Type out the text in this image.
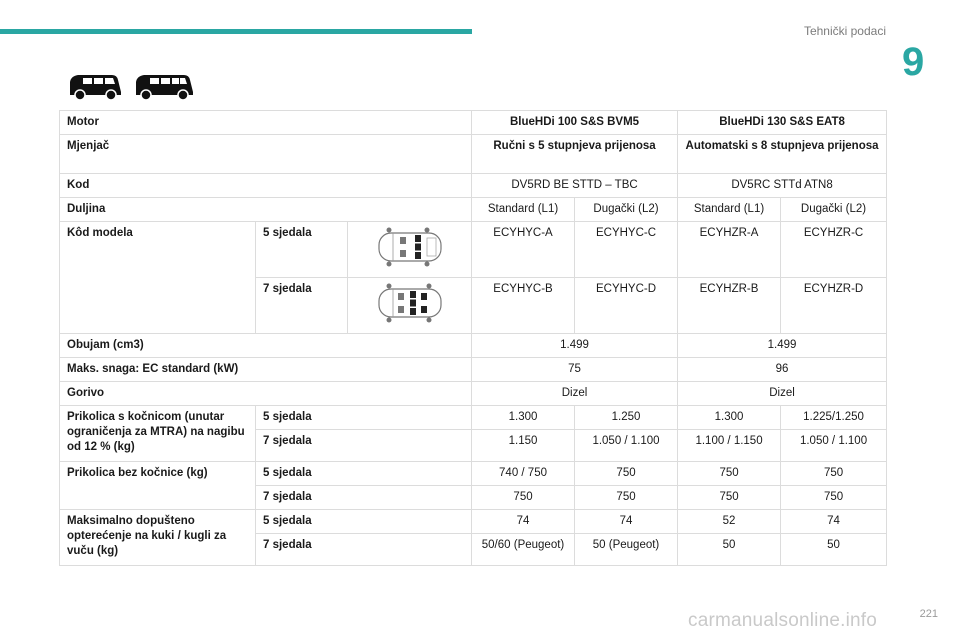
Tehnički podaci
9
Motor			BlueHDi 100 S&S BVM5		BlueHDi 130 S&S EAT8	
Mjenjač			Ručni s 5 stupnjeva prijenosa		Automatski s 8 stupnjeva prijenosa	
Kod			DV5RD BE STTD – TBC		DV5RC STTd ATN8	
Duljina			Standard (L1)	Dugački (L2)	Standard (L1)	Dugački (L2)
Kôd modela	5 sjedala		ECYHYC-A	ECYHYC-C	ECYHZR-A	ECYHZR-C
	7 sjedala		ECYHYC-B	ECYHYC-D	ECYHZR-B	ECYHZR-D
Obujam (cm3)			1.499		1.499	
Maks. snaga: EC standard (kW)			75		96	
Gorivo			Dizel		Dizel	
Prikolica s kočnicom (unutar ograničenja za MTRA) na nagibu od 12 % (kg)	5 sjedala		1.300	1.250	1.300	1.225/1.250
	7 sjedala		1.150	1.050 / 1.100	1.100 / 1.150	1.050 / 1.100
Prikolica bez kočnice (kg)	5 sjedala		740 / 750	750	750	750
	7 sjedala		750	750	750	750
Maksimalno dopušteno opterećenje na kuki / kugli za vuču (kg)	5 sjedala		74	74	52	74
	7 sjedala		50/60 (Peugeot)	50 (Peugeot)	50	50
221
carmanualsonline.info
